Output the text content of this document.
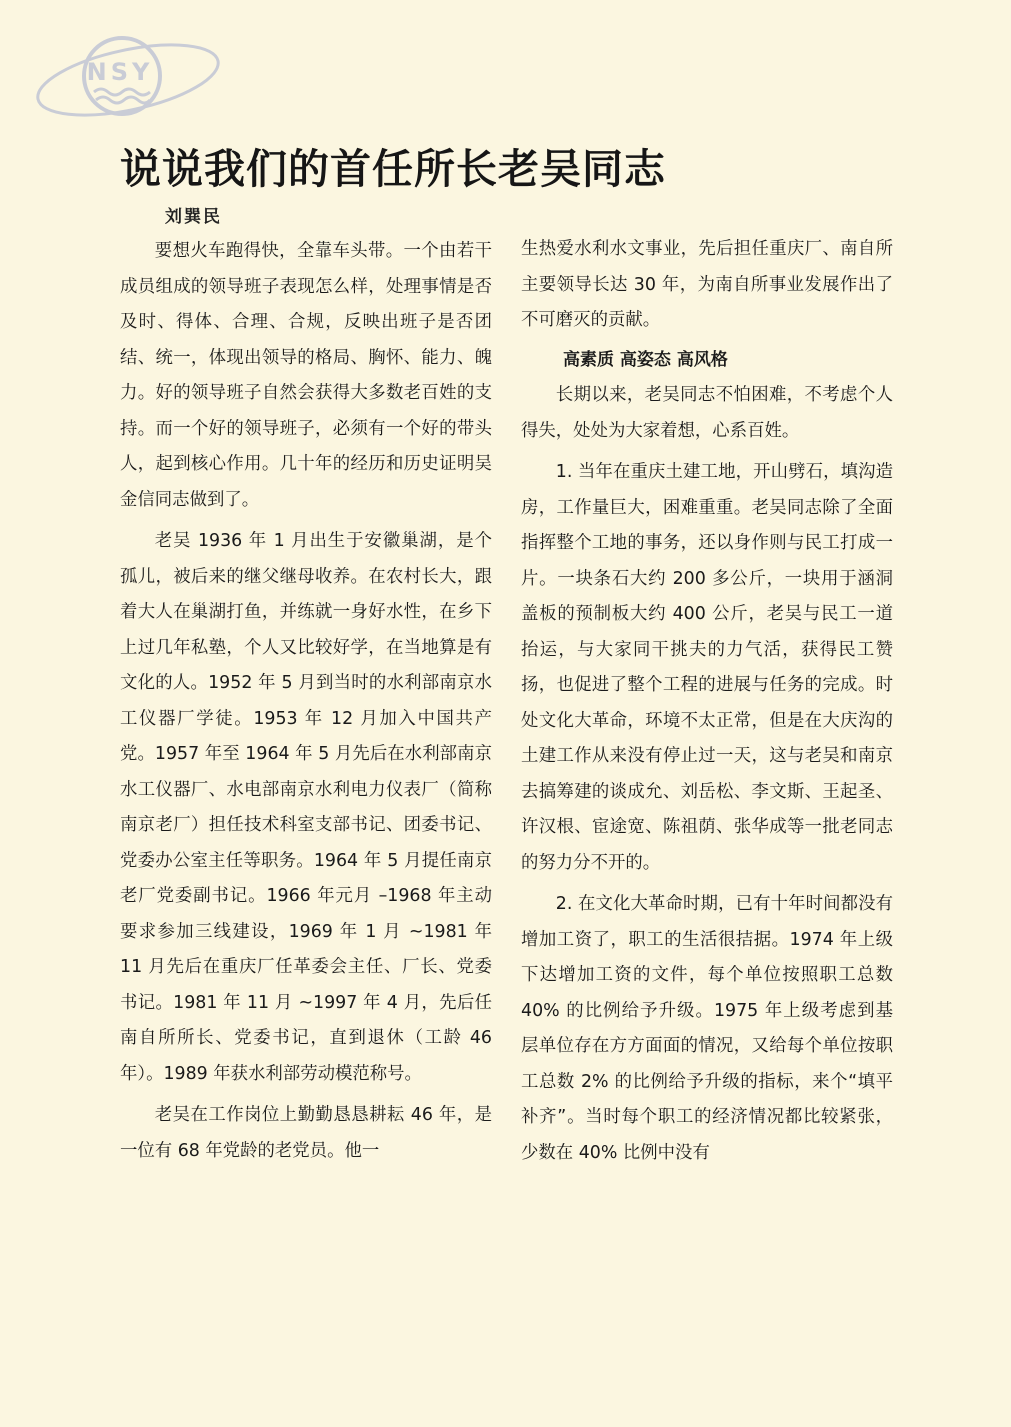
NSY
说说我们的首任所长老吴同志
刘巽民

要想火车跑得快，全靠车头带。一个由若干成员组成的领导班子表现怎么样，处理事情是否及时、得体、合理、合规，反映出班子是否团结、统一，体现出领导的格局、胸怀、能力、魄力。好的领导班子自然会获得大多数老百姓的支持。而一个好的领导班子，必须有一个好的带头人，起到核心作用。几十年的经历和历史证明吴金信同志做到了。

老吴 1936 年 1 月出生于安徽巢湖，是个孤儿，被后来的继父继母收养。在农村长大，跟着大人在巢湖打鱼，并练就一身好水性，在乡下上过几年私塾，个人又比较好学，在当地算是有文化的人。1952 年 5 月到当时的水利部南京水工仪器厂学徒。1953 年 12 月加入中国共产党。1957 年至 1964 年 5 月先后在水利部南京水工仪器厂、水电部南京水利电力仪表厂（简称南京老厂）担任技术科室支部书记、团委书记、党委办公室主任等职务。1964 年 5 月提任南京老厂党委副书记。1966 年元月 –1968 年主动要求参加三线建设，1969 年 1 月 ~1981 年 11 月先后在重庆厂任革委会主任、厂长、党委书记。1981 年 11 月 ~1997 年 4 月，先后任南自所所长、党委书记，直到退休（工龄 46 年）。1989 年获水利部劳动模范称号。

老吴在工作岗位上勤勤恳恳耕耘 46 年，是一位有 68 年党龄的老党员。他一

生热爱水利水文事业，先后担任重庆厂、南自所主要领导长达 30 年，为南自所事业发展作出了不可磨灭的贡献。

高素质 高姿态 高风格

长期以来，老吴同志不怕困难，不考虑个人得失，处处为大家着想，心系百姓。

1. 当年在重庆土建工地，开山劈石，填沟造房，工作量巨大，困难重重。老吴同志除了全面指挥整个工地的事务，还以身作则与民工打成一片。一块条石大约 200 多公斤，一块用于涵洞盖板的预制板大约 400 公斤，老吴与民工一道抬运，与大家同干挑夫的力气活，获得民工赞扬，也促进了整个工程的进展与任务的完成。时处文化大革命，环境不太正常，但是在大庆沟的土建工作从来没有停止过一天，这与老吴和南京去搞筹建的谈成允、刘岳松、李文斯、王起圣、许汉根、宦途宽、陈祖荫、张华成等一批老同志的努力分不开的。

2. 在文化大革命时期，已有十年时间都没有增加工资了，职工的生活很拮据。1974 年上级下达增加工资的文件，每个单位按照职工总数 40% 的比例给予升级。1975 年上级考虑到基层单位存在方方面面的情况，又给每个单位按职工总数 2% 的比例给予升级的指标，来个“填平补齐”。当时每个职工的经济情况都比较紧张，少数在 40% 比例中没有
